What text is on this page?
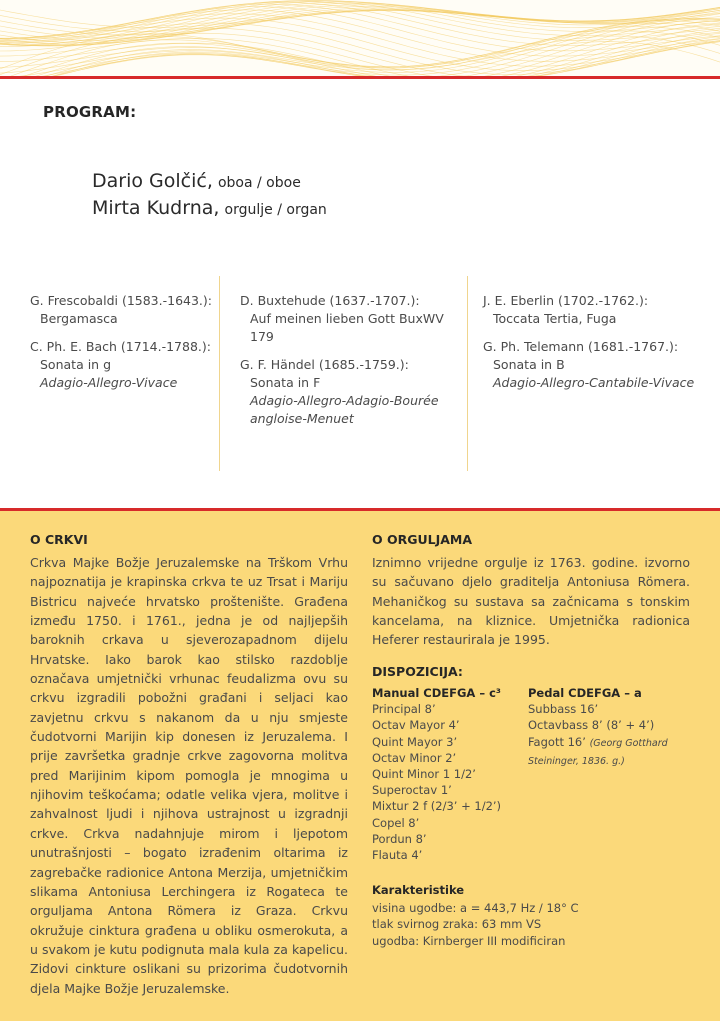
PROGRAM:
Dario Golčić, oboa / oboe
Mirta Kudrna, orgulje / organ
G. Frescobaldi (1583.-1643.):
Bergamasca
C. Ph. E. Bach (1714.-1788.):
Sonata in g
Adagio-Allegro-Vivace
D. Buxtehude (1637.-1707.):
Auf meinen lieben Gott BuxWV 179
G. F. Händel (1685.-1759.):
Sonata in F
Adagio-Allegro-Adagio-Bourée angloise-Menuet
J. E. Eberlin (1702.-1762.):
Toccata Tertia, Fuga
G. Ph. Telemann (1681.-1767.):
Sonata in B
Adagio-Allegro-Cantabile-Vivace
O CRKVI
Crkva Majke Božje Jeruzalemske na Trškom Vrhu najpoznatija je krapinska crkva te uz Trsat i Mariju Bistricu najveće hrvatsko proštenište. Građena između 1750. i 1761., jedna je od najljepših baroknih crkava u sjeverozapadnom dijelu Hrvatske. Iako barok kao stilsko razdoblje označava umjetnički vrhunac feudalizma ovu su crkvu izgradili pobožni građani i seljaci kao zavjetnu crkvu s nakanom da u nju smjeste čudotvorni Marijin kip donesen iz Jeruzalema. I prije završetka gradnje crkve zagovorna molitva pred Marijinim kipom pomogla je mnogima u njihovim teškoćama; odatle velika vjera, molitve i zahvalnost ljudi i njihova ustrajnost u izgradnji crkve. Crkva nadahnjuje mirom i ljepotom unutrašnjosti – bogato izrađenim oltarima iz zagrebačke radionice Antona Merzija, umjetničkim slikama Antoniusa Lerchingera iz Rogateca te orguljama Antona Römera iz Graza. Crkvu okružuje cinktura građena u obliku osmerokuta, a u svakom je kutu podignuta mala kula za kapelicu. Zidovi cinkture oslikani su prizorima čudotvornih djela Majke Božje Jeruzalemske.
O ORGULJAMA
Iznimno vrijedne orgulje iz 1763. godine. izvorno su sačuvano djelo graditelja Antoniusa Römera. Mehaničkog su sustava sa začnicama s tonskim kancelama, na kliznice. Umjetnička radionica Heferer restaurirala je 1995.
DISPOZICIJA:
Manual CDEFGA – c³
Principal 8’
Octav Mayor 4’
Quint Mayor 3’
Octav Minor 2’
Quint Minor 1 1/2’
Superoctav 1’
Mixtur 2 f (2/3’ + 1/2’)
Copel 8’
Pordun 8’
Flauta 4’
Pedal CDEFGA – a
Subbass 16’
Octavbass 8’ (8’ + 4’)
Fagott 16’ (Georg Gotthard Steininger, 1836. g.)
Karakteristike
visina ugodbe: a = 443,7 Hz / 18° C
tlak svirnog zraka: 63 mm VS
ugodba: Kirnberger III modificiran
